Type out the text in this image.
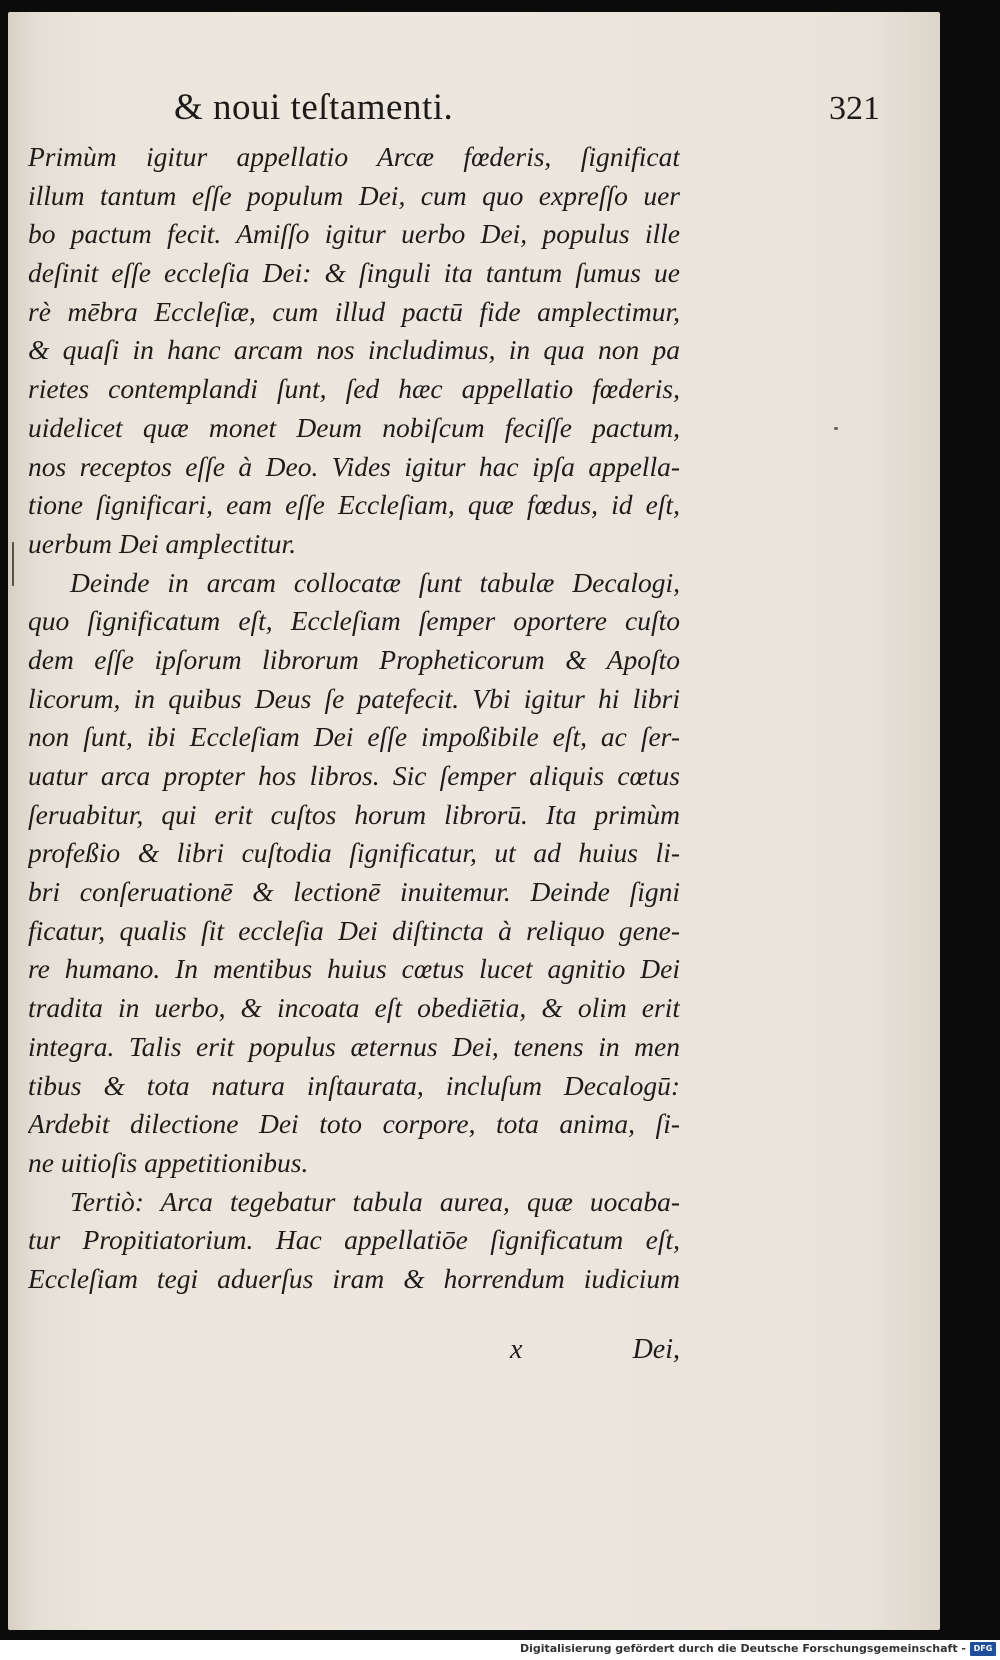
& noui teſtamenti.	321
Primùm igitur appellatio Arcæ fœderis, ſignificat
illum tantum eſſe populum Dei, cum quo expreſſo uer
bo pactum fecit. Amiſſo igitur uerbo Dei, populus ille
deſinit eſſe eccleſia Dei: & ſinguli ita tantum ſumus ue
rè mēbra Eccleſiæ, cum illud pactū fide amplectimur,
& quaſi in hanc arcam nos includimus, in qua non pa
rietes contemplandi ſunt, ſed hæc appellatio fœderis,
uidelicet quæ monet Deum nobiſcum feciſſe pactum,
nos receptos eſſe à Deo. Vides igitur hac ipſa appella-
tione ſignificari, eam eſſe Eccleſiam, quæ fœdus, id eſt,
uerbum Dei amplectitur.
Deinde in arcam collocatæ ſunt tabulæ Decalogi,
quo ſignificatum eſt, Eccleſiam ſemper oportere cuſto
dem eſſe ipſorum librorum Propheticorum & Apoſto
licorum, in quibus Deus ſe patefecit. Vbi igitur hi libri
non ſunt, ibi Eccleſiam Dei eſſe impoßibile eſt, ac ſer-
uatur arca propter hos libros. Sic ſemper aliquis cœtus
ſeruabitur, qui erit cuſtos horum librorū. Ita primùm
profeßio & libri cuſtodia ſignificatur, ut ad huius li-
bri conſeruationē & lectionē inuitemur. Deinde ſigni
ficatur, qualis ſit eccleſia Dei diſtincta à reliquo gene-
re humano. In mentibus huius cœtus lucet agnitio Dei
tradita in uerbo, & incoata eſt obediētia, & olim erit
integra. Talis erit populus æternus Dei, tenens in men
tibus & tota natura inſtaurata, incluſum Decalogū:
Ardebit dilectione Dei toto corpore, tota anima, ſi-
ne uitioſis appetitionibus.
Tertiò: Arca tegebatur tabula aurea, quæ uocaba-
tur Propitiatorium. Hac appellatiōe ſignificatum eſt,
Eccleſiam tegi aduerſus iram & horrendum iudicium
x	Dei,
Digitalisierung gefördert durch die Deutsche Forschungsgemeinschaft - DFG
